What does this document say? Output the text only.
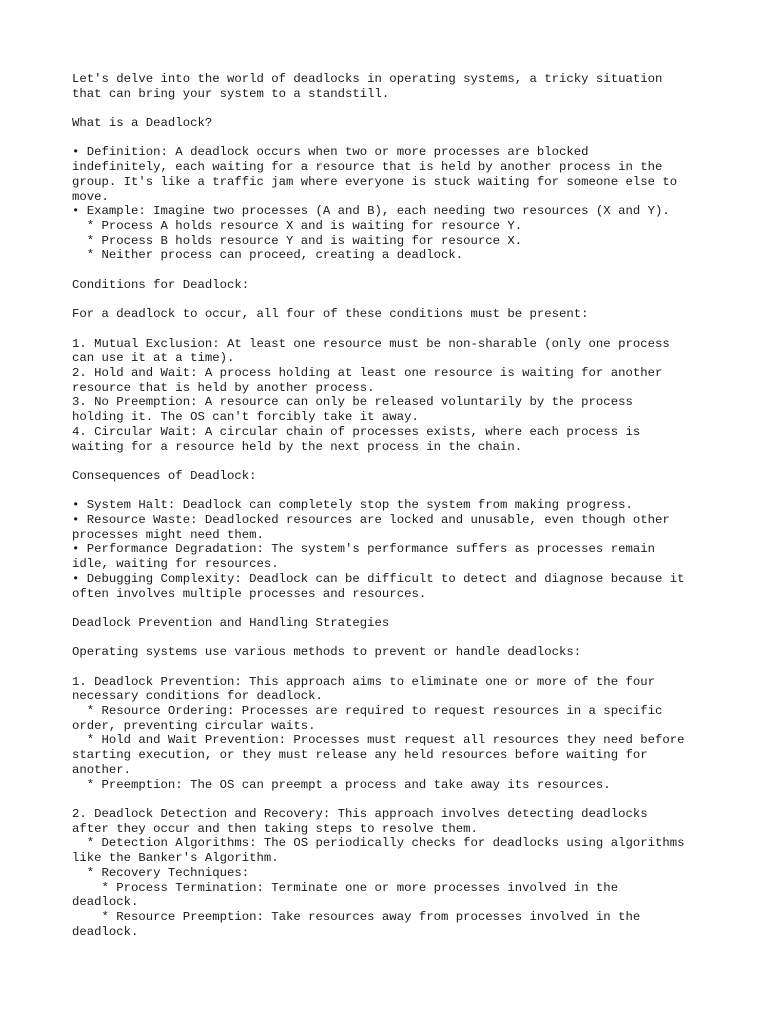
Let's delve into the world of deadlocks in operating systems, a tricky situation
that can bring your system to a standstill.
What is a Deadlock?
• Definition: A deadlock occurs when two or more processes are blocked
indefinitely, each waiting for a resource that is held by another process in the
group. It's like a traffic jam where everyone is stuck waiting for someone else to
move.
• Example: Imagine two processes (A and B), each needing two resources (X and Y).
* Process A holds resource X and is waiting for resource Y.
* Process B holds resource Y and is waiting for resource X.
* Neither process can proceed, creating a deadlock.
Conditions for Deadlock:
For a deadlock to occur, all four of these conditions must be present:
1. Mutual Exclusion: At least one resource must be non-sharable (only one process
can use it at a time).
2. Hold and Wait: A process holding at least one resource is waiting for another
resource that is held by another process.
3. No Preemption: A resource can only be released voluntarily by the process
holding it. The OS can't forcibly take it away.
4. Circular Wait: A circular chain of processes exists, where each process is
waiting for a resource held by the next process in the chain.
Consequences of Deadlock:
• System Halt: Deadlock can completely stop the system from making progress.
• Resource Waste: Deadlocked resources are locked and unusable, even though other
processes might need them.
• Performance Degradation: The system's performance suffers as processes remain
idle, waiting for resources.
• Debugging Complexity: Deadlock can be difficult to detect and diagnose because it
often involves multiple processes and resources.
Deadlock Prevention and Handling Strategies
Operating systems use various methods to prevent or handle deadlocks:
1. Deadlock Prevention: This approach aims to eliminate one or more of the four
necessary conditions for deadlock.
* Resource Ordering: Processes are required to request resources in a specific
order, preventing circular waits.
* Hold and Wait Prevention: Processes must request all resources they need before
starting execution, or they must release any held resources before waiting for
another.
* Preemption: The OS can preempt a process and take away its resources.
2. Deadlock Detection and Recovery: This approach involves detecting deadlocks
after they occur and then taking steps to resolve them.
* Detection Algorithms: The OS periodically checks for deadlocks using algorithms
like the Banker's Algorithm.
* Recovery Techniques:
* Process Termination: Terminate one or more processes involved in the
deadlock.
* Resource Preemption: Take resources away from processes involved in the
deadlock.
